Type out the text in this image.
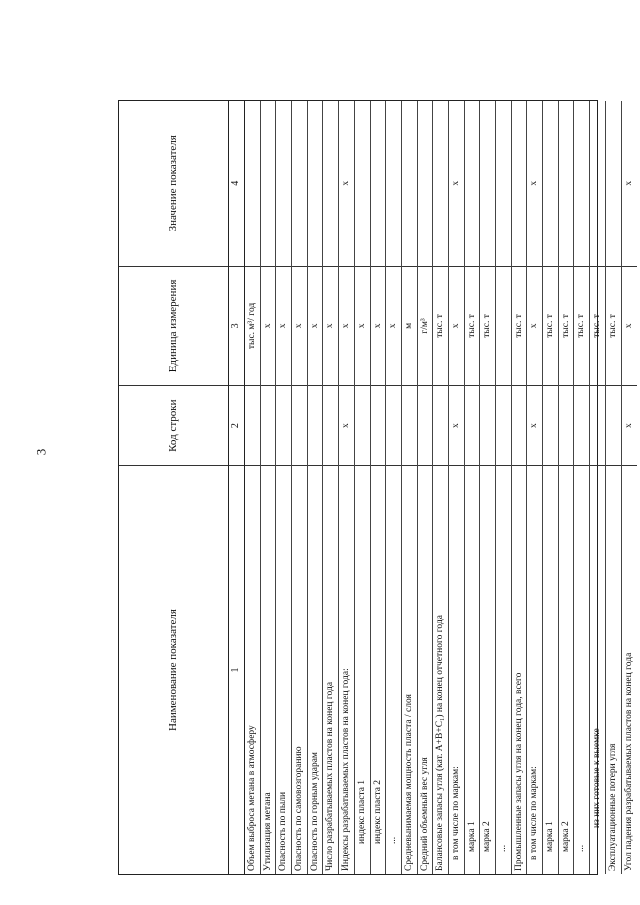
3
Наименование показателя
Код строки
Единица измерения
Значение показателя
1
2
3
4
Объем выброса метана в атмосферу
тыс. м³/ год
Утилизация метана
х
Опасность по пыли
х
Опасность по самовозгоранию
х
Опасность по горным ударам
х
Число разрабатываемых пластов на конец года
х
Индексы разрабатываемых пластов на конец года:
х
х
х
индекс пласта 1
х
индекс пласта 2
х
...
х
Средневынимаемая мощность пласта / слоя
м
Средний объемный вес угля
г/м³
Балансовые запасы угля (кат. А+В+С₁) на конец отчетного года
тыс. т
в том числе по маркам:
х
х
х
марка 1
тыс. т
марка 2
тыс. т
... Промышленные запасы угля на конец года, всего
тыс. т
в том числе по маркам:
х
х
х
марка 1
тыс. т
марка 2
тыс. т
...
тыс. т
из них готовые к выемке
тыс. т
Эксплуатационные потери угля
тыс. т
Угол падения разрабатываемых пластов на конец года
х
х
х
